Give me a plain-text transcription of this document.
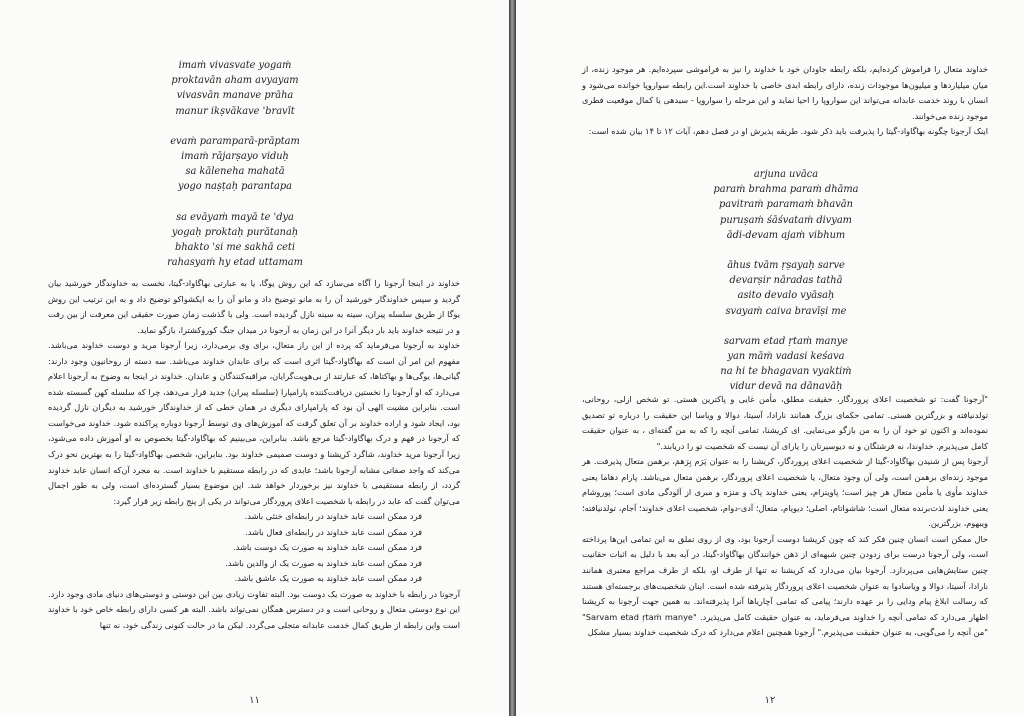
imaṁ vivasvate yogaṁ
proktavān aham avyayam
vivasvān manave prāha
manur ikṣvākave 'bravīt
evaṁ paramparā-prāptam
imaṁ rājarṣayo viduḥ
sa kāleneha mahatā
yogo naṣṭaḥ parantapa
sa evāyaṁ mayā te 'dya
yogaḥ proktaḥ purātanaḥ
bhakto 'si me sakhā ceti
rahasyaṁ hy etad uttamam

خداوند در اینجا آرجونا را آگاه می‌سازد که این روش یوگا، یا به عبارتی بهاگاواد-گیتا، نخست به خداوندگار خورشید بیان گردید و سپس خداوندگار خورشید آن را به مانو توضیح داد و مانو آن را به ایکشواکو توضیح داد و به این ترتیب این روش یوگا از طریق سلسله پیران، سینه به سینه نازل گردیده است. ولی با گذشت زمان صورت حقیقی این معرفت از بین رفت و در نتیجه خداوند باید بار دیگر آنرا در این زمان به آرجونا در میدان جنگ کوروکشترا، بازگو نماید.

خداوند به آرجونا می‌فرماید که پرده از این راز متعال، برای وی برمی‌دارد، زیرا آرجونا مرید و دوست خداوند می‌باشد. مفهوم این امر آن است که بهاگاواد-گیتا اثری است که برای عابدان خداوند می‌باشد. سه دسته از روحانیون وجود دارند: گیانی‌ها، یوگی‌ها و بهاکتاها، که عبارتند از بی‌هویت‌گرایان، مراقبه‌کنندگان و عابدان. خداوند در اینجا به وضوح به آرجونا اعلام می‌دارد که او آرجونا را نخستین دریافت‌کننده پارامپارا (سلسله پیران) جدید قرار می‌دهد، چرا که سلسله کهن گسسته شده است. بنابراین مشیت الهی آن بود که پارامپارای دیگری در همان خطی که از خداوندگار خورشید به دیگران نازل گردیده بود، ایجاد شود و اراده خداوند بر آن تعلق گرفت که آموزش‌های وی توسط آرجونا دوباره پراکنده شود. خداوند می‌خواست که آرجونا در فهم و درک بهاگاواد-گیتا مرجع باشد. بنابراین، می‌بینیم که بهاگاواد-گیتا بخصوص به او آموزش داده می‌شود، زیرا آرجونا مرید خداوند، شاگرد کریشنا و دوست صمیمی خداوند بود. بنابراین، شخصی بهاگاواد-گیتا را به بهترین نحو درک می‌کند که واجد صفاتی مشابه آرجونا باشد؛ عابدی که در رابطه مستقیم با خداوند است. به مجرد آن‌که انسان عابد خداوند گردد، از رابطه مستقیمی با خداوند نیز برخوردار خواهد شد. این موضوع بسیار گسترده‌ای است، ولی به طور اجمال می‌توان گفت که عابد در رابطه با شخصیت اعلای پروردگار می‌تواند در یکی از پنج رابطه زیر قرار گیرد:

فرد ممکن است عابد خداوند در رابطه‌ای خنثی باشد.

فرد ممکن است عابد خداوند در رابطه‌ای فعال باشد.

فرد ممکن است عابد خداوند به صورت یک دوست باشد.

فرد ممکن است عابد خداوند به صورت یک از والدین باشد.

فرد ممکن است عابد خداوند به صورت یک عاشق باشد.

آرجونا در رابطه با خداوند به صورت یک دوست بود. البته تفاوت زیادی بین این دوستی و دوستی‌های دنیای مادی وجود دارد. این نوع دوستی متعال و روحانی است و در دسترس همگان نمی‌تواند باشد. البته هر کسی دارای رابطه خاص خود با خداوند است واین رابطه از طریق کمال خدمت عابدانه متجلی می‌گردد. لیکن ما در حالت کنونی زندگی خود، نه تنها

۱۱

خداوند متعال را فراموش کرده‌ایم، بلکه رابطه جاودان خود با خداوند را نیز به فراموشی سپرده‌ایم. هر موجود زنده، از میان میلیاردها و میلیون‌ها موجودات زنده، دارای رابطه ابدی خاصی با خداوند است.این رابطه سواروپا خوانده می‌شود و انسان با روند خدمت عابدانه می‌تواند این سواروپا را احیا نماید و این مرحله را سواروپا - سیدهی یا کمال موقعیت فطری موجود زنده می‌خوانند.

اینک آرجونا چگونه بهاگاواد-گیتا را پذیرفت باید ذکر شود. طریقه پذیرش او در فصل دهم، آیات ۱۲ تا ۱۴ بیان شده است:

arjuna uvāca
paraṁ brahma paraṁ dhāma
pavitraṁ paramaṁ bhavān
puruṣaṁ śāśvataṁ divyam
ādi-devam ajaṁ vibhum
āhus tvām ṛṣayaḥ sarve
devarṣir nāradas tathā
asito devalo vyāsaḥ
svayaṁ caiva bravīṣi me
sarvam etad ṛtaṁ manye
yan māṁ vadasi keśava
na hi te bhagavan vyaktiṁ
vidur devā na dānavāḥ

"آرجونا گفت: تو شخصیت اعلای پروردگار، حقیقت مطلق، مأمن غایی و پاکترین هستی. تو شخص ازلی، روحانی، تولدنیافته و بزرگترین هستی. تمامی حکمای بزرگ همانند نارادا، آسیتا، دوالا و ویاسا این حقیقت را درباره تو تصدیق نموده‌اند و اکنون تو خود آن را به من بازگو می‌نمایی. ای کریشنا، تمامی آنچه را که به من گفته‌ای ، به عنوان حقیقت کامل می‌پذیرم. خداوندا، نه فرشتگان و نه دیوسیرتان را یارای آن نیست که شخصیت تو را دریابند."

آرجونا پس از شنیدن بهاگاواد-گیتا از شخصیت اعلای پروردگار، کریشنا را به عنوان پَرَم بِرَهمَ، برهمن متعال پذیرفت. هر موجود زنده‌ای برهمن است، ولی آن وجود متعال، یا شخصیت اعلای پروردگار، برهمن متعال می‌باشد. پارام دهاما یعنی خداوند مأوی یا مأمن متعال هر چیز است؛ پاویترام، یعنی خداوند پاک و منزه و مبری از آلودگی مادی است؛ پوروشام یعنی خداوند لذت‌برنده متعال است؛ شاشواتام، اصلی؛ دیویام، متعال؛ آدی-دوام، شخصیت اعلای خداوند؛ آجام، تولدنیافته؛ ویبهوم، بزرگترین.

حال ممکن است انسان چنین فکر کند که چون کریشنا دوست آرجونا بود، وی از روی تملق به این تمامی این‌ها پرداخته است، ولی آرجونا درست برای زدودن چنین شبهه‌ای از ذهن خوانندگان بهاگاواد-گیتا، در آیه بعد با دلیل به اثبات حقانیت چنین ستایش‌هایی می‌پردازد. آرجونا بیان می‌دارد که کریشنا نه تنها از طرف او، بلکه از طرف مراجع معتبری همانند نارادا، آسیتا، دوالا و ویاسادوا به عنوان شخصیت اعلای پروردگار پذیرفته شده است. اینان شخصیت‌های برجسته‌ای هستند که رسالت ابلاغ پیام ودایی را بر عهده دارند؛ پیامی که تمامی آچاریاها آنرا پذیرفته‌اند. به همین جهت آرجونا به کریشنا اظهار می‌دارد که تمامی آنچه را خداوند می‌فرماید، به عنوان حقیقت کامل می‌پذیرد. "Sarvam etad ṛtaṁ manye" "من آنچه را می‌گویی، به عنوان حقیقت می‌پذیرم." آرجونا همچنین اعلام می‌دارد که درک شخصیت خداوند بسیار مشکل

۱۲
